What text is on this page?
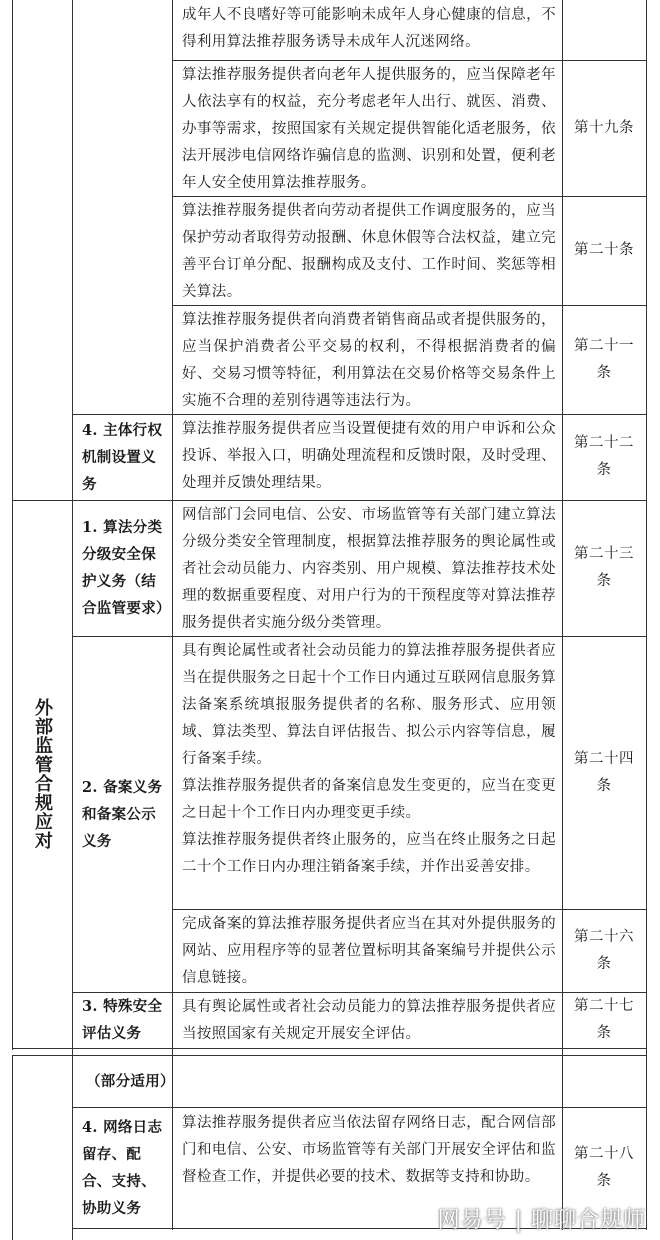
成年人不良嗜好等可能影响未成年人身心健康的信息，不得利用算法推荐服务诱导未成年人沉迷网络。

算法推荐服务提供者向老年人提供服务的，应当保障老年人依法享有的权益，充分考虑老年人出行、就医、消费、办事等需求，按照国家有关规定提供智能化适老服务，依法开展涉电信网络诈骗信息的监测、识别和处置，便利老年人安全使用算法推荐服务。

第十九条

算法推荐服务提供者向劳动者提供工作调度服务的，应当保护劳动者取得劳动报酬、休息休假等合法权益，建立完善平台订单分配、报酬构成及支付、工作时间、奖惩等相关算法。

第二十条

算法推荐服务提供者向消费者销售商品或者提供服务的，应当保护消费者公平交易的权利，不得根据消费者的偏好、交易习惯等特征，利用算法在交易价格等交易条件上实施不合理的差别待遇等违法行为。

第二十一条
4. 主体行权机制设置义务

算法推荐服务提供者应当设置便捷有效的用户申诉和公众投诉、举报入口，明确处理流程和反馈时限，及时受理、处理并反馈处理结果。

第二十二条
外部监管合规应对
1. 算法分类分级安全保护义务（结合监管要求）

网信部门会同电信、公安、市场监管等有关部门建立算法分级分类安全管理制度，根据算法推荐服务的舆论属性或者社会动员能力、内容类别、用户规模、算法推荐技术处理的数据重要程度、对用户行为的干预程度等对算法推荐服务提供者实施分级分类管理。

第二十三条
2. 备案义务和备案公示义务

具有舆论属性或者社会动员能力的算法推荐服务提供者应当在提供服务之日起十个工作日内通过互联网信息服务算法备案系统填报服务提供者的名称、服务形式、应用领域、算法类型、算法自评估报告、拟公示内容等信息，履行备案手续。

算法推荐服务提供者的备案信息发生变更的，应当在变更之日起十个工作日内办理变更手续。

算法推荐服务提供者终止服务的，应当在终止服务之日起二十个工作日内办理注销备案手续，并作出妥善安排。

第二十四条

完成备案的算法推荐服务提供者应当在其对外提供服务的网站、应用程序等的显著位置标明其备案编号并提供公示信息链接。

第二十六条
3. 特殊安全评估义务

具有舆论属性或者社会动员能力的算法推荐服务提供者应当按照国家有关规定开展安全评估。

第二十七条
（部分适用）
4. 网络日志留存、配合、支持、协助义务

算法推荐服务提供者应当依法留存网络日志，配合网信部门和电信、公安、市场监管等有关部门开展安全评估和监督检查工作，并提供必要的技术、数据等支持和协助。

第二十八条
网易号 | 聊聊合规师
